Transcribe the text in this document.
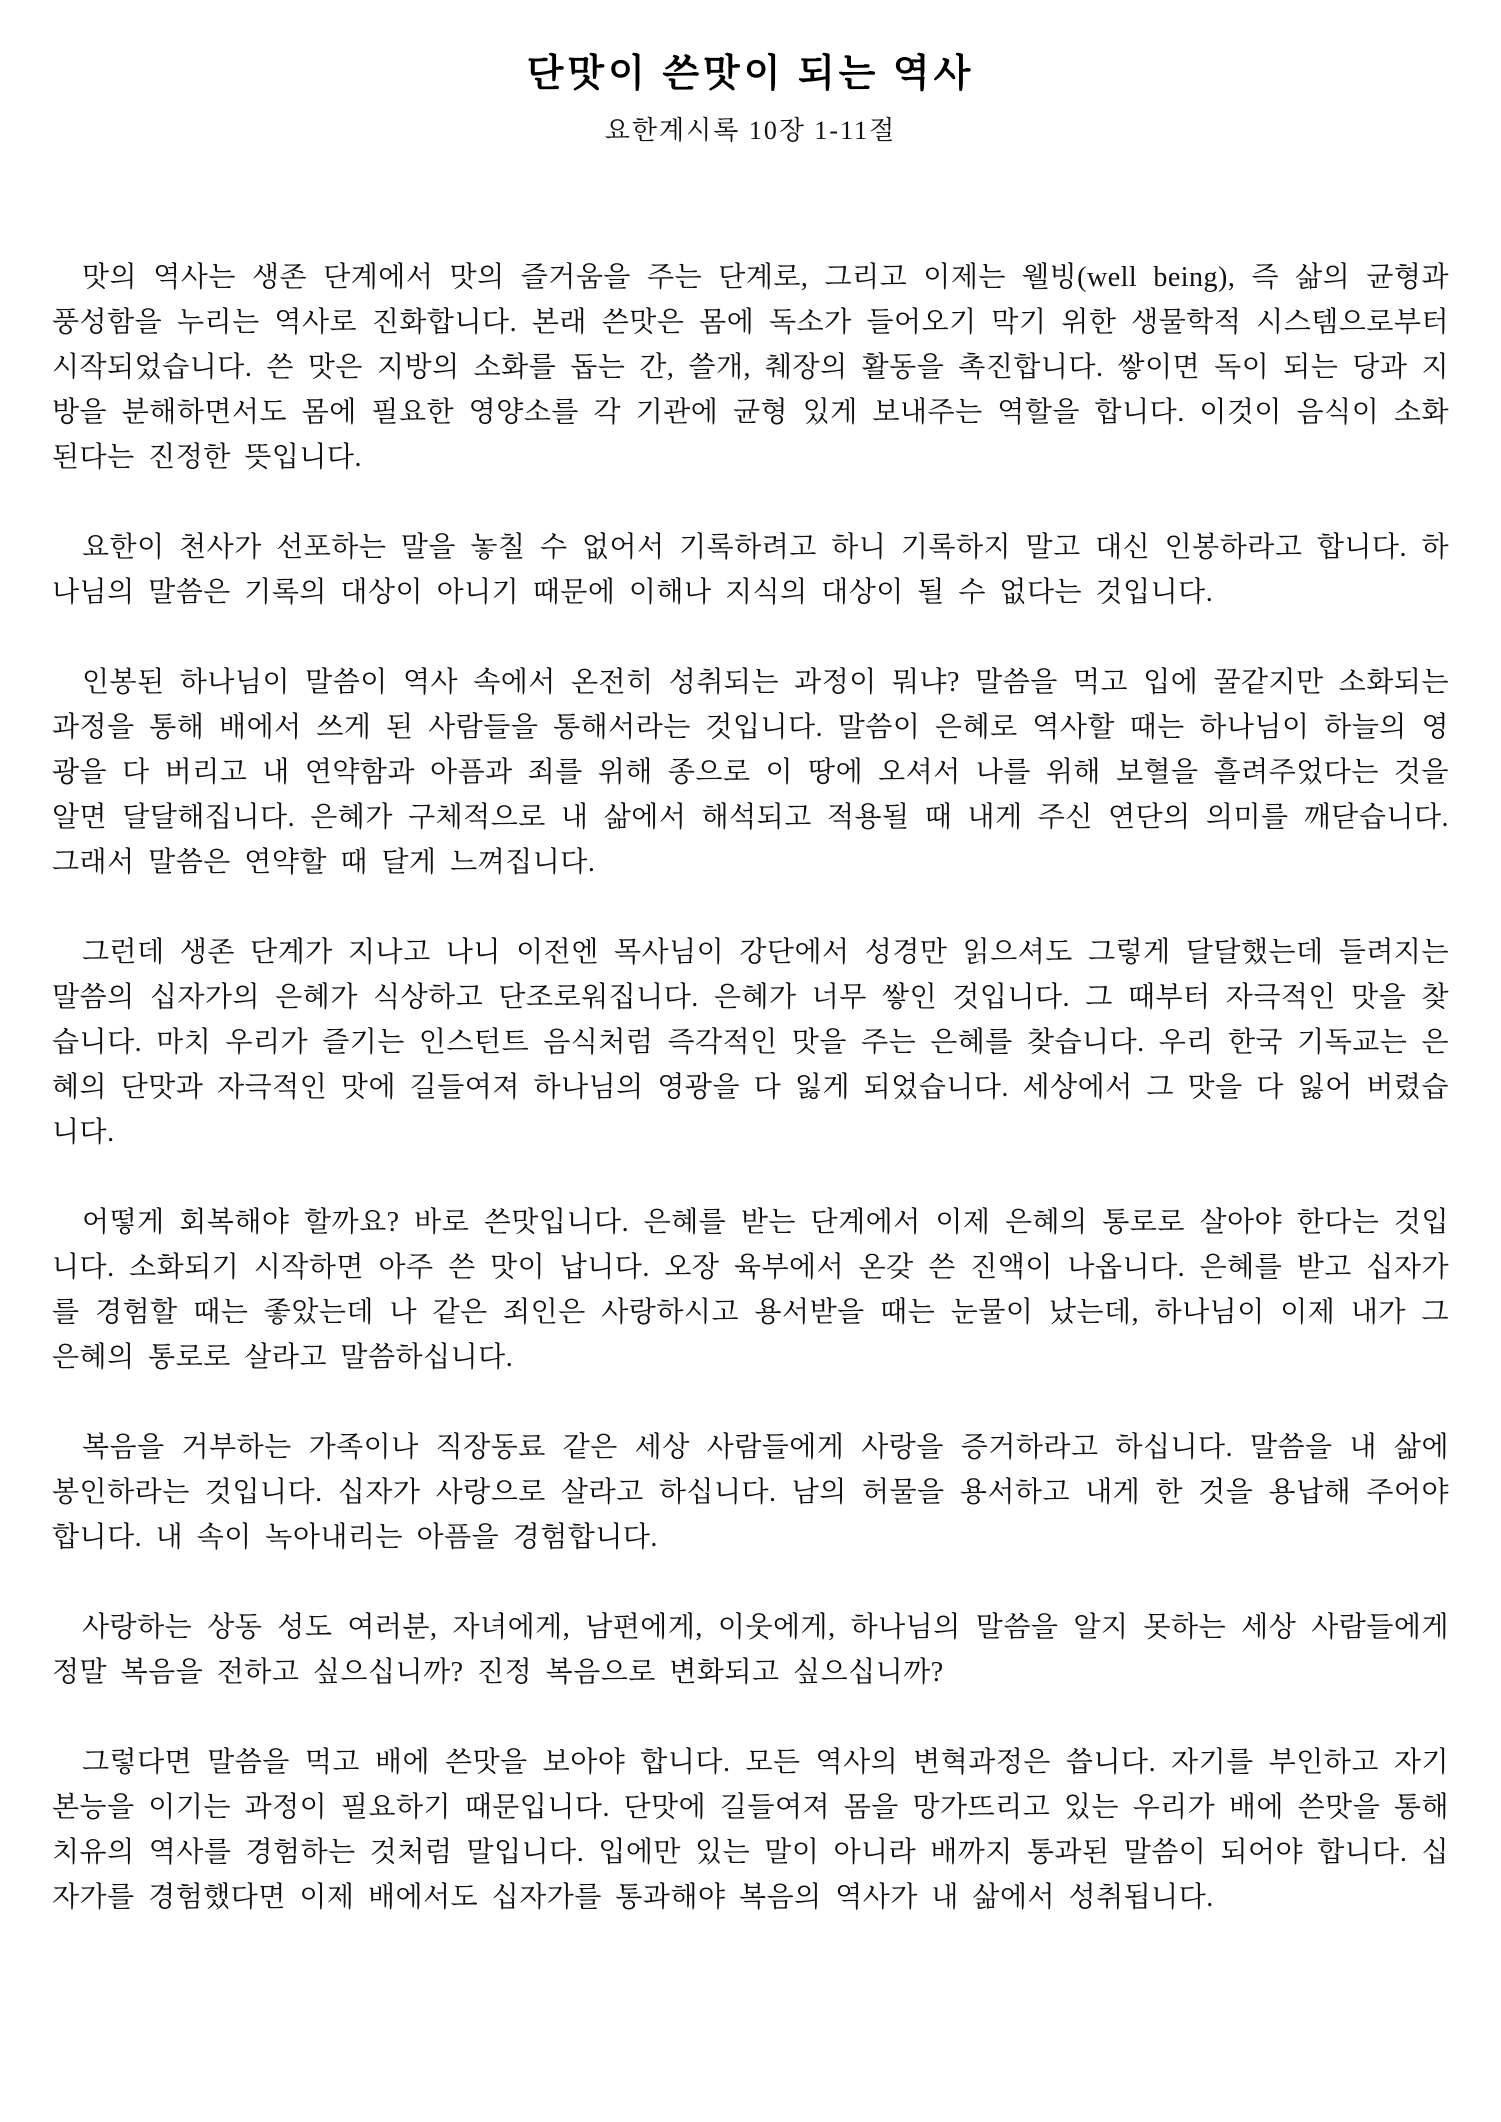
단맛이 쓴맛이 되는 역사
요한계시록 10장 1-11절

맛의 역사는 생존 단계에서 맛의 즐거움을 주는 단계로, 그리고 이제는 웰빙(well being), 즉 삶의 균형과 풍성함을 누리는 역사로 진화합니다. 본래 쓴맛은 몸에 독소가 들어오기 막기 위한 생물학적 시스템으로부터 시작되었습니다. 쓴 맛은 지방의 소화를 돕는 간, 쓸개, 췌장의 활동을 촉진합니다. 쌓이면 독이 되는 당과 지방을 분해하면서도 몸에 필요한 영양소를 각 기관에 균형 있게 보내주는 역할을 합니다. 이것이 음식이 소화된다는 진정한 뜻입니다.

요한이 천사가 선포하는 말을 놓칠 수 없어서 기록하려고 하니 기록하지 말고 대신 인봉하라고 합니다. 하나님의 말씀은 기록의 대상이 아니기 때문에 이해나 지식의 대상이 될 수 없다는 것입니다.

인봉된 하나님이 말씀이 역사 속에서 온전히 성취되는 과정이 뭐냐? 말씀을 먹고 입에 꿀같지만 소화되는 과정을 통해 배에서 쓰게 된 사람들을 통해서라는 것입니다. 말씀이 은혜로 역사할 때는 하나님이 하늘의 영광을 다 버리고 내 연약함과 아픔과 죄를 위해 종으로 이 땅에 오셔서 나를 위해 보혈을 흘려주었다는 것을 알면 달달해집니다. 은혜가 구체적으로 내 삶에서 해석되고 적용될 때 내게 주신 연단의 의미를 깨닫습니다. 그래서 말씀은 연약할 때 달게 느껴집니다.

그런데 생존 단계가 지나고 나니 이전엔 목사님이 강단에서 성경만 읽으셔도 그렇게 달달했는데 들려지는 말씀의 십자가의 은혜가 식상하고 단조로워집니다. 은혜가 너무 쌓인 것입니다. 그 때부터 자극적인 맛을 찾습니다. 마치 우리가 즐기는 인스턴트 음식처럼 즉각적인 맛을 주는 은혜를 찾습니다. 우리 한국 기독교는 은혜의 단맛과 자극적인 맛에 길들여져 하나님의 영광을 다 잃게 되었습니다. 세상에서 그 맛을 다 잃어 버렸습니다.

어떻게 회복해야 할까요? 바로 쓴맛입니다. 은혜를 받는 단계에서 이제 은혜의 통로로 살아야 한다는 것입니다. 소화되기 시작하면 아주 쓴 맛이 납니다. 오장 육부에서 온갖 쓴 진액이 나옵니다. 은혜를 받고 십자가를 경험할 때는 좋았는데 나 같은 죄인은 사랑하시고 용서받을 때는 눈물이 났는데, 하나님이 이제 내가 그 은혜의 통로로 살라고 말씀하십니다.

복음을 거부하는 가족이나 직장동료 같은 세상 사람들에게 사랑을 증거하라고 하십니다. 말씀을 내 삶에 봉인하라는 것입니다. 십자가 사랑으로 살라고 하십니다. 남의 허물을 용서하고 내게 한 것을 용납해 주어야 합니다. 내 속이 녹아내리는 아픔을 경험합니다.

사랑하는 상동 성도 여러분, 자녀에게, 남편에게, 이웃에게, 하나님의 말씀을 알지 못하는 세상 사람들에게 정말 복음을 전하고 싶으십니까? 진정 복음으로 변화되고 싶으십니까?

그렇다면 말씀을 먹고 배에 쓴맛을 보아야 합니다. 모든 역사의 변혁과정은 씁니다. 자기를 부인하고 자기본능을 이기는 과정이 필요하기 때문입니다. 단맛에 길들여져 몸을 망가뜨리고 있는 우리가 배에 쓴맛을 통해 치유의 역사를 경험하는 것처럼 말입니다. 입에만 있는 말이 아니라 배까지 통과된 말씀이 되어야 합니다. 십자가를 경험했다면 이제 배에서도 십자가를 통과해야 복음의 역사가 내 삶에서 성취됩니다.
